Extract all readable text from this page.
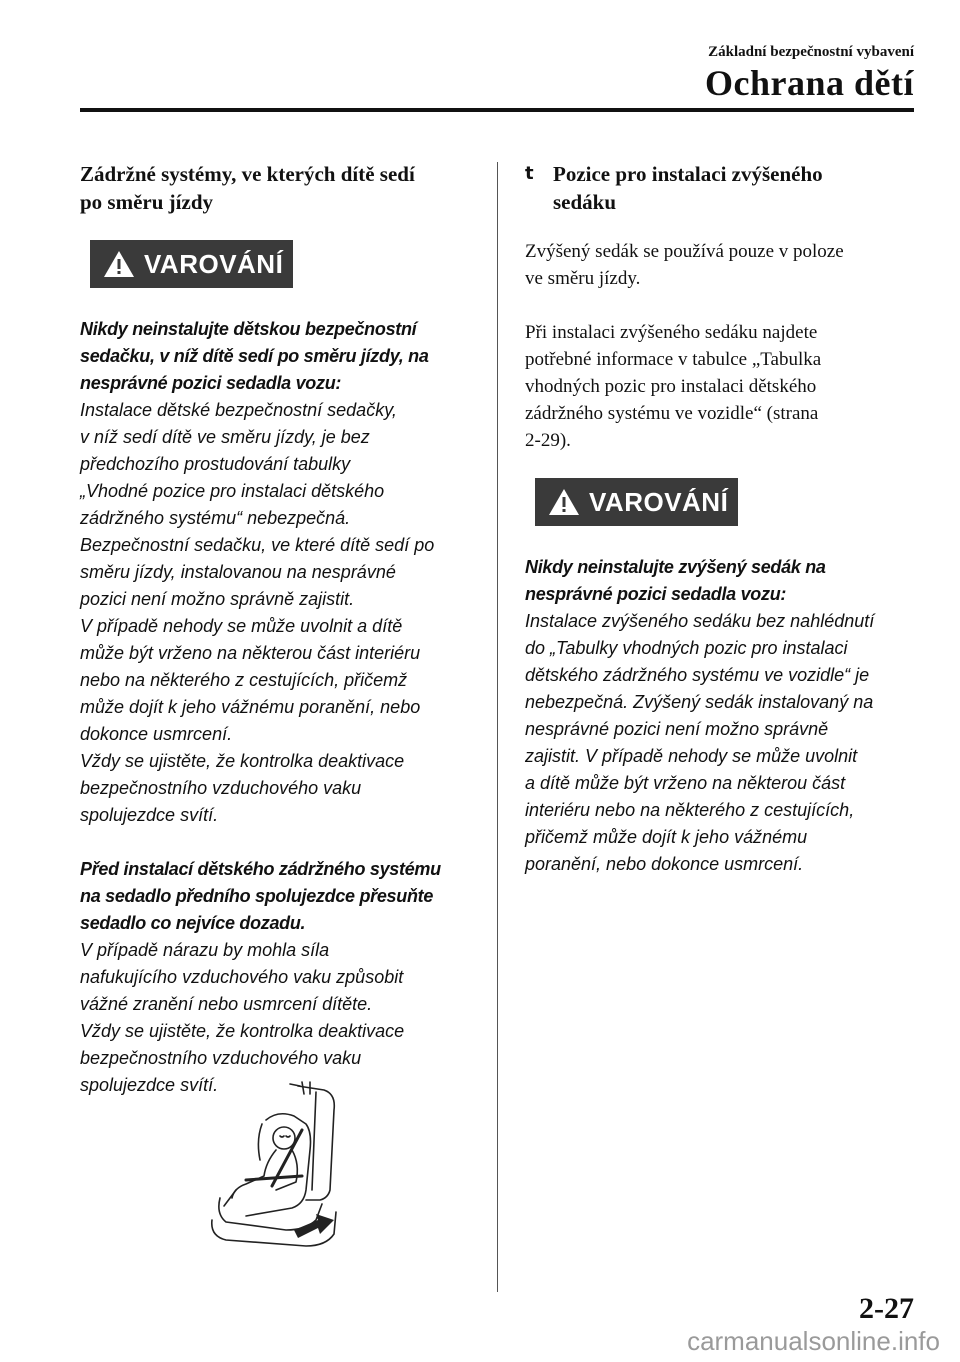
Základní bezpečnostní vybavení
Ochrana dětí

Zádržné systémy, ve kterých dítě sedí

po směru jízdy

VAROVÁNÍ

Nikdy neinstalujte dětskou bezpečnostní

sedačku, v níž dítě sedí po směru jízdy, na

nesprávné pozici sedadla vozu:

Instalace dětské bezpečnostní sedačky,

v níž sedí dítě ve směru jízdy, je bez

předchozího prostudování tabulky

„Vhodné pozice pro instalaci dětského

zádržného systému“ nebezpečná.

Bezpečnostní sedačku, ve které dítě sedí po

směru jízdy, instalovanou na nesprávné

pozici není možno správně zajistit.

V případě nehody se může uvolnit a dítě

může být vrženo na některou část interiéru

nebo na některého z cestujících, přičemž

může dojít k jeho vážnému poranění, nebo

dokonce usmrcení.

Vždy se ujistěte, že kontrolka deaktivace

bezpečnostního vzduchového vaku

spolujezdce svítí.

Před instalací dětského zádržného systému

na sedadlo předního spolujezdce přesuňte

sedadlo co nejvíce dozadu.

V případě nárazu by mohla síla

nafukujícího vzduchového vaku způsobit

vážné zranění nebo usmrcení dítěte.

Vždy se ujistěte, že kontrolka deaktivace

bezpečnostního vzduchového vaku

spolujezdce svítí.

t Pozice pro instalaci zvýšeného

sedáku

Zvýšený sedák se používá pouze v poloze

ve směru jízdy.

Při instalaci zvýšeného sedáku najdete

potřebné informace v tabulce „Tabulka

vhodných pozic pro instalaci dětského

zádržného systému ve vozidle“ (strana

2-29).

VAROVÁNÍ

Nikdy neinstalujte zvýšený sedák na

nesprávné pozici sedadla vozu:

Instalace zvýšeného sedáku bez nahlédnutí

do „Tabulky vhodných pozic pro instalaci

dětského zádržného systému ve vozidle“ je

nebezpečná. Zvýšený sedák instalovaný na

nesprávné pozici není možno správně

zajistit. V případě nehody se může uvolnit

a dítě může být vrženo na některou část

interiéru nebo na některého z cestujících,

přičemž může dojít k jeho vážnému

poranění, nebo dokonce usmrcení.

2-27
carmanualsonline.info
